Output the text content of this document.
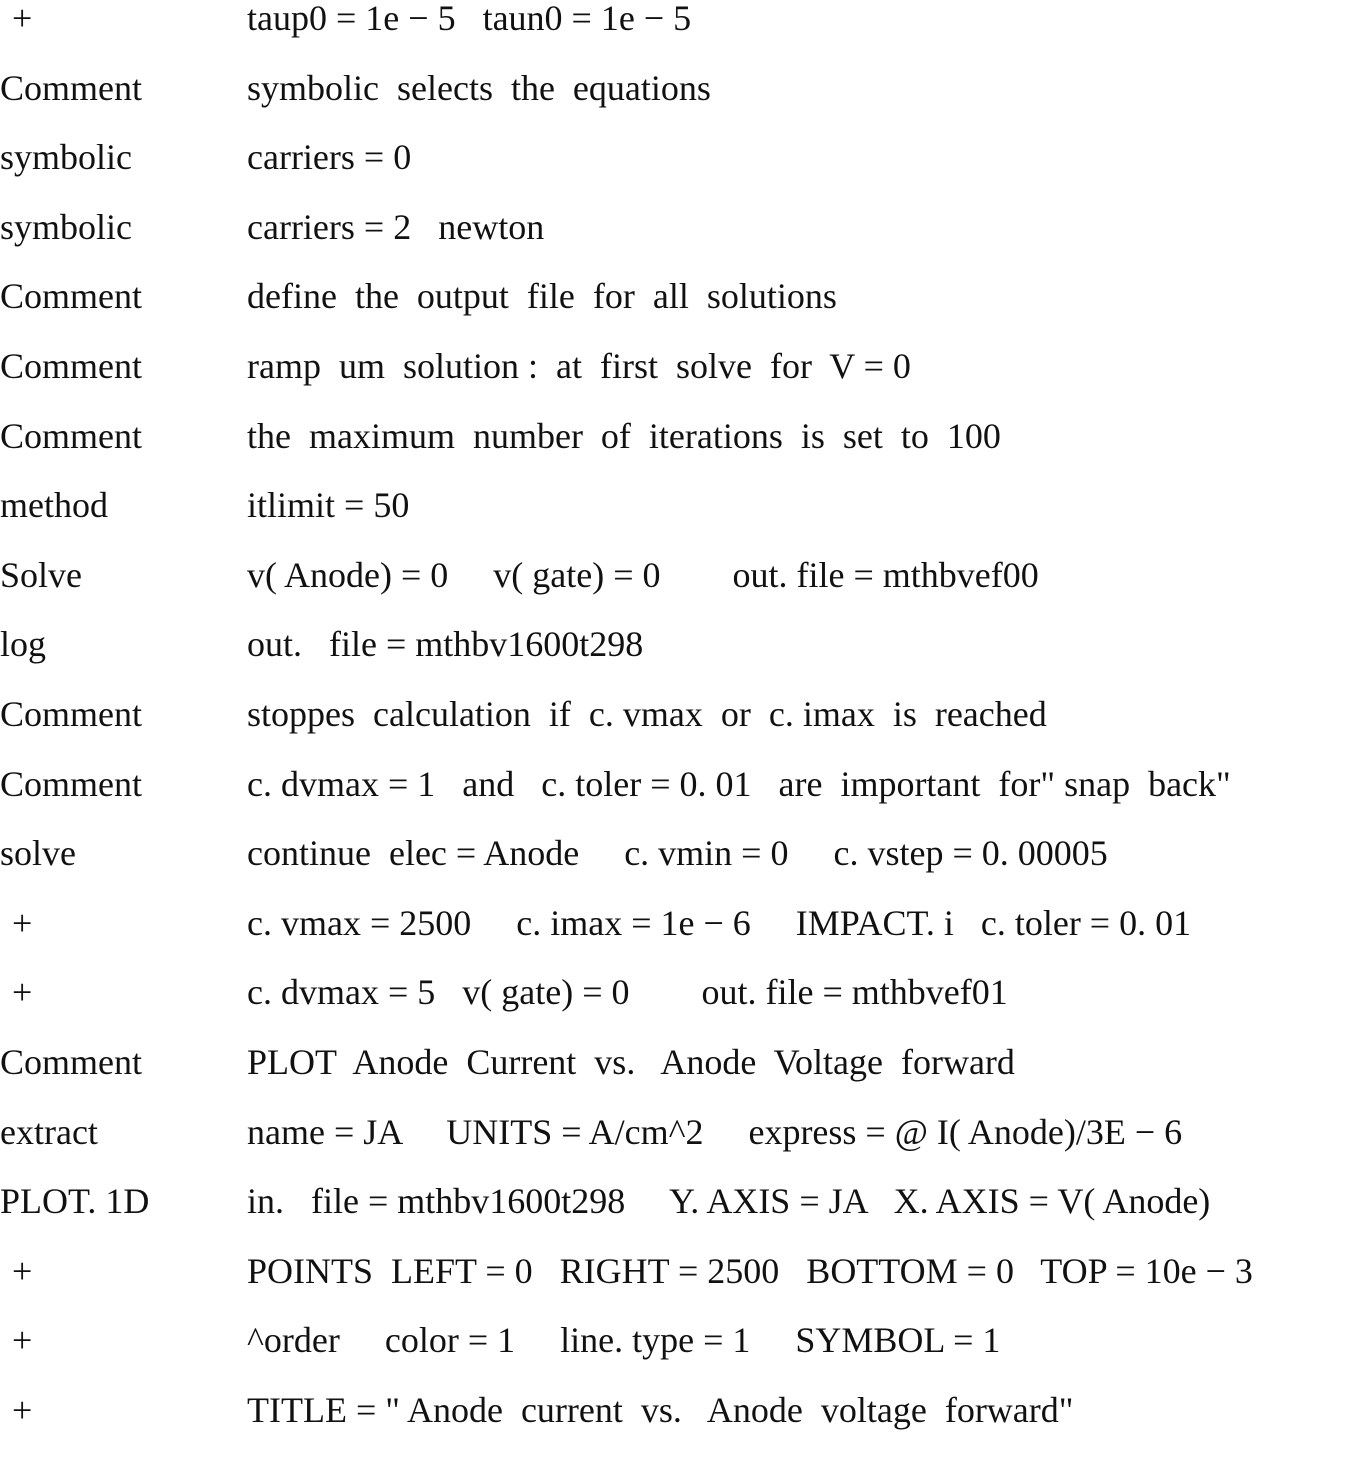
+	taup0 = 1e − 5   taun0 = 1e − 5
Comment	symbolic  selects  the  equations
symbolic	carriers = 0
symbolic	carriers = 2   newton
Comment	define  the  output  file  for  all  solutions
Comment	ramp  um  solution :  at  first  solve  for  V = 0
Comment	the  maximum  number  of  iterations  is  set  to  100
method	itlimit = 50
Solve	v( Anode) = 0     v( gate) = 0        out. file = mthbvef00
log	out.   file = mthbv1600t298
Comment	stoppes  calculation  if  c. vmax  or  c. imax  is  reached
Comment	c. dvmax = 1   and   c. toler = 0. 01   are  important  for" snap  back"
solve	continue  elec = Anode     c. vmin = 0     c. vstep = 0. 00005
+	c. vmax = 2500     c. imax = 1e − 6     IMPACT. i   c. toler = 0. 01
+	c. dvmax = 5   v( gate) = 0        out. file = mthbvef01
Comment	PLOT  Anode  Current  vs.   Anode  Voltage  forward
extract	name = JA     UNITS = A/cm^2     express = @ I( Anode)/3E − 6
PLOT. 1D	in.   file = mthbv1600t298     Y. AXIS = JA   X. AXIS = V( Anode)
+	POINTS  LEFT = 0   RIGHT = 2500   BOTTOM = 0   TOP = 10e − 3
+	^order     color = 1     line. type = 1     SYMBOL = 1
+	TITLE = " Anode  current  vs.   Anode  voltage  forward"
